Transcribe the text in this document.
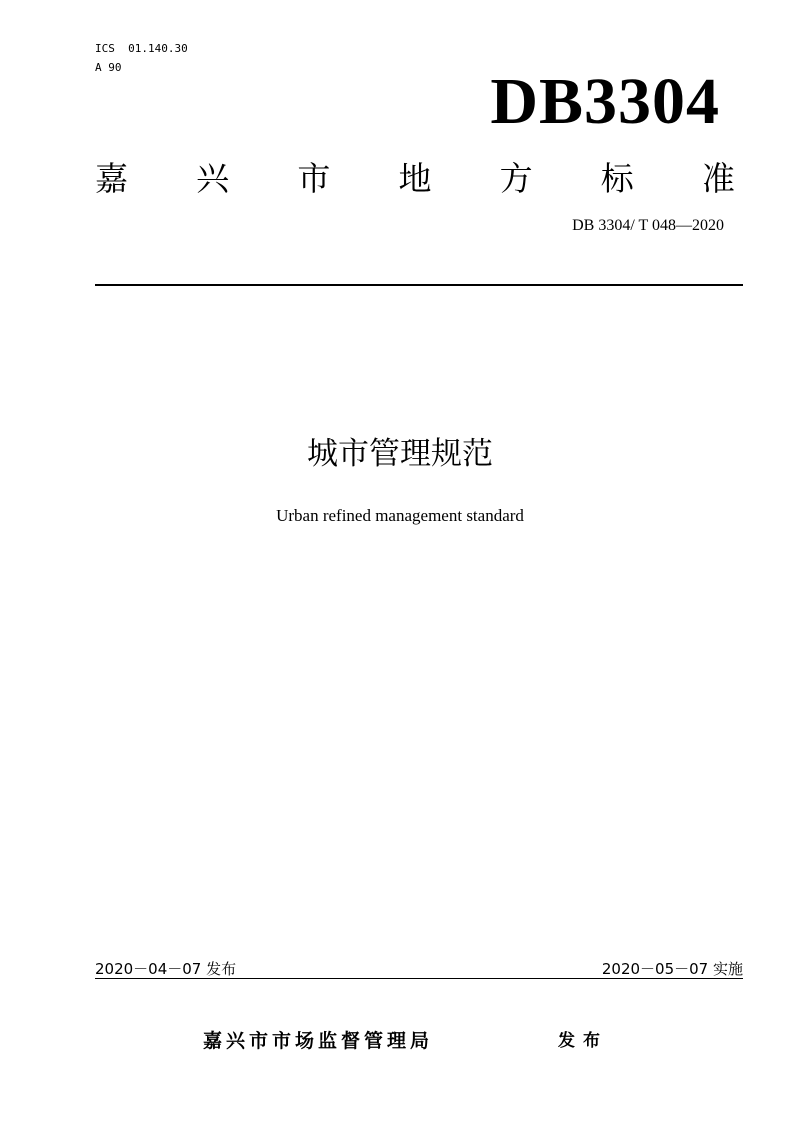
ICS  01.140.30
A 90	DB3304
嘉 兴 市 地 方 标 准
DB 3304/ T 048—2020
城市管理规范
Urban refined management standard
2020－04－07 发布	2020－05－07 实施
嘉兴市市场监督管理局	发布
